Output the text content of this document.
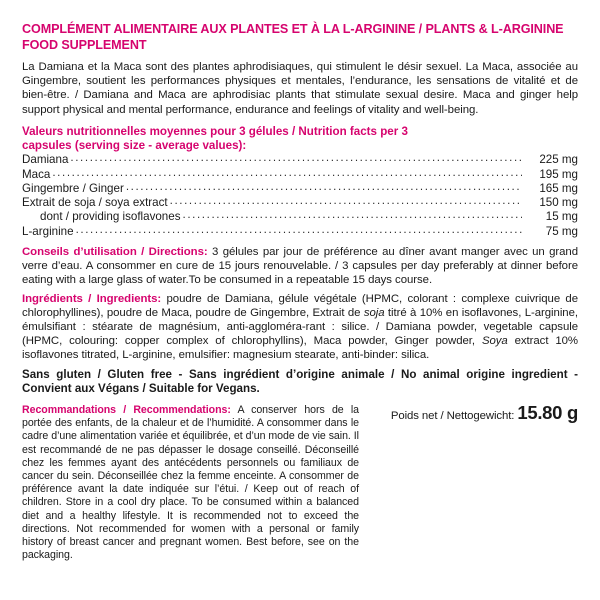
COMPLÉMENT ALIMENTAIRE AUX PLANTES ET À LA L-ARGININE / PLANTS & L-ARGININE FOOD SUPPLEMENT

La Damiana et la Maca sont des plantes aphrodisiaques, qui stimulent le désir sexuel. La Maca, associée au Gingembre, soutient les performances physiques et mentales, l’endurance, les sensations de vitalité et de bien-être. / Damiana and Maca are aphrodisiac plants that stimulate sexual desire. Maca and ginger help support physical and mental performance, endurance and feelings of vitality and well-being.

Valeurs nutritionnelles moyennes pour 3 gélules / Nutrition facts per 3 capsules (serving size - average values):
Damiana .....	225 mg
Maca .....	195 mg
Gingembre / Ginger .....	165 mg
Extrait de soja / soya extract .....	150 mg
dont / providing isoflavones .....	15 mg
L-arginine .....	75 mg

Conseils d’utilisation / Directions: 3 gélules par jour de préférence au dîner avant manger avec un grand verre d’eau. A consommer en cure de 15 jours renouvelable. / 3 capsules per day preferably at dinner before eating with a large glass of water.To be consumed in a repeatable 15 days course.

Ingrédients / Ingredients: poudre de Damiana, gélule végétale (HPMC, colorant : complexe cuivrique de chlorophyllines), poudre de Maca, poudre de Gingembre, Extrait de soja titré à 10% en isoflavones, L-arginine, émulsifiant : stéarate de magnésium, anti-aggloméra-rant : silice. / Damiana powder, vegetable capsule (HPMC, colouring: copper complex of chlorophyllins), Maca powder, Ginger powder, Soya extract 10% isoflavones titrated, L-arginine, emulsifier: magnesium stearate, anti-binder: silica.

Sans gluten / Gluten free - Sans ingrédient d’origine animale / No animal origine ingredient - Convient aux Végans / Suitable for Vegans.

Poids net / Nettogewicht: 15.80 g

Recommandations / Recommendations: A conserver hors de la portée des enfants, de la chaleur et de l’humidité. A consommer dans le cadre d’une alimentation variée et équilibrée, et d’un mode de vie sain. Il est recommandé de ne pas dépasser le dosage conseillé. Déconseillé chez les femmes ayant des antécédents personnels ou familiaux de cancer du sein. Déconseillée chez la femme enceinte. A consommer de préférence avant la date indiquée sur l’étui. / Keep out of reach of children. Store in a cool dry place. To be consumed within a balanced diet and a healthy lifestyle. It is recommended not to exceed the directions. Not recommended for women with a personal or family history of breast cancer and pregnant women. Best before, see on the packaging.
